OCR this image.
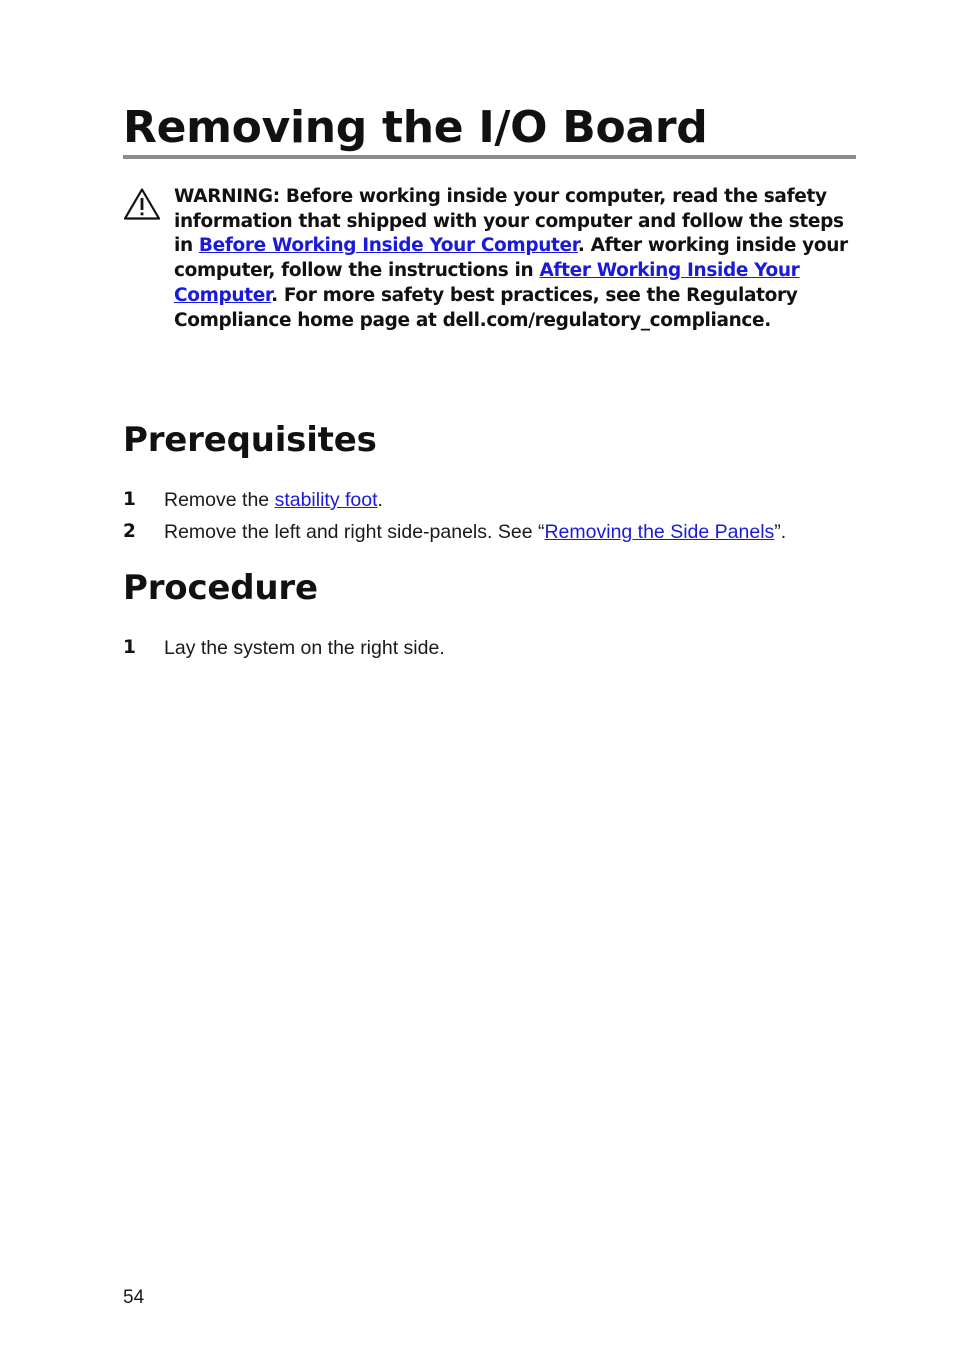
Removing the I/O Board

WARNING: Before working inside your computer, read the safety information that shipped with your computer and follow the steps in Before Working Inside Your Computer. After working inside your computer, follow the instructions in After Working Inside Your Computer. For more safety best practices, see the Regulatory Compliance home page at dell.com/regulatory_compliance.

Prerequisites
1 Remove the stability foot.
2 Remove the left and right side-panels. See “Removing the Side Panels”.
Procedure
1 Lay the system on the right side.
54
